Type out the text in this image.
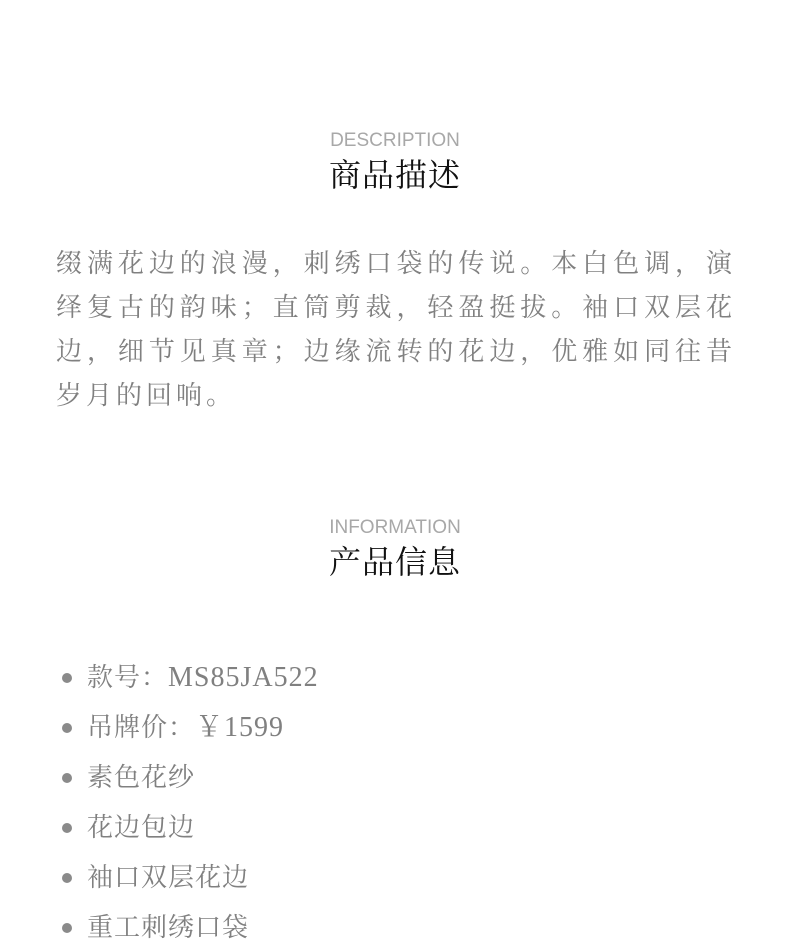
DESCRIPTION
商品描述
缀满花边的浪漫，刺绣口袋的传说。本白色调，演绎复古的韵味；直筒剪裁，轻盈挺拔。袖口双层花边，细节见真章；边缘流转的花边，优雅如同往昔岁月的回响。
INFORMATION
产品信息
款号：MS85JA522
吊牌价：￥1599
素色花纱
花边包边
袖口双层花边
重工刺绣口袋
